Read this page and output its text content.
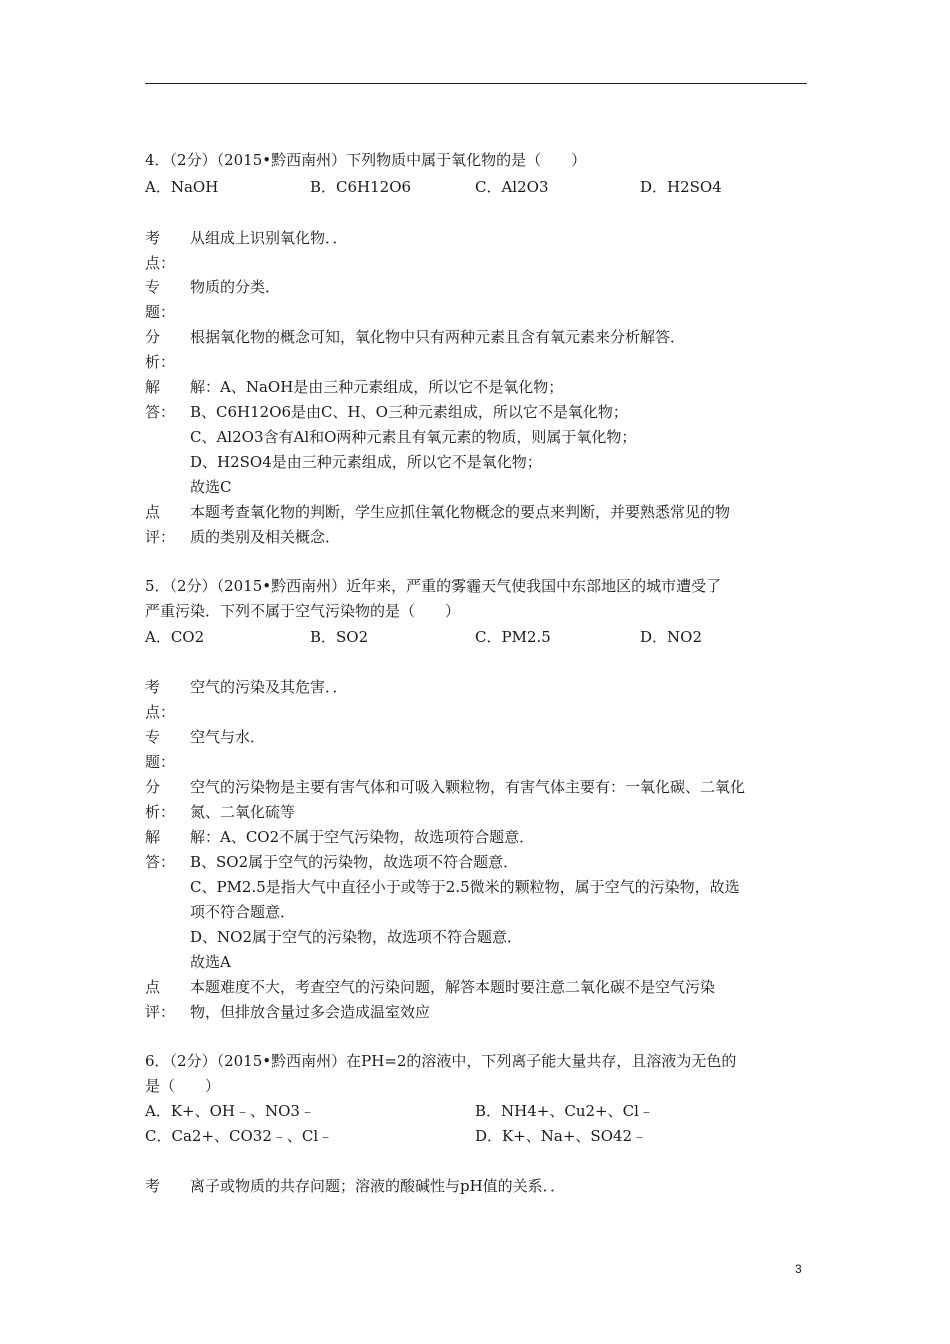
4．（2分）（2015•黔西南州）下列物质中属于氧化物的是（　　）
A．NaOH	B．C6H12O6	C．Al2O3	D．H2SO4
考	从组成上识别氧化物．．
点：
专	物质的分类．
题：
分	根据氧化物的概念可知，氧化物中只有两种元素且含有氧元素来分析解答．
析：
解	解：A、NaOH是由三种元素组成，所以它不是氧化物；
答： B、C6H12O6是由C、H、O三种元素组成，所以它不是氧化物；
C、Al2O3含有Al和O两种元素且有氧元素的物质，则属于氧化物；
D、H2SO4是由三种元素组成，所以它不是氧化物；
故选C
点	本题考查氧化物的判断，学生应抓住氧化物概念的要点来判断，并要熟悉常见的物
评： 质的类别及相关概念．
5．（2分）（2015•黔西南州）近年来，严重的雾霾天气使我国中东部地区的城市遭受了
严重污染．下列不属于空气污染物的是（　　）
A．CO2	B．SO2	C．PM2.5	D．NO2
考	空气的污染及其危害．．
点：
专	空气与水．
题：
分	空气的污染物是主要有害气体和可吸入颗粒物，有害气体主要有：一氧化碳、二氧化
析： 氮、二氧化硫等
解	解：A、CO2不属于空气污染物，故选项符合题意．
答： B、SO2属于空气的污染物，故选项不符合题意．
C、PM2.5是指大气中直径小于或等于2.5微米的颗粒物，属于空气的污染物，故选
项不符合题意．
D、NO2属于空气的污染物，故选项不符合题意．
故选A
点	本题难度不大，考查空气的污染问题，解答本题时要注意二氧化碳不是空气污染
评： 物，但排放含量过多会造成温室效应
6．（2分）（2015•黔西南州）在PH=2的溶液中，下列离子能大量共存，且溶液为无色的
是（　　）
A．K+、OH﹣、NO3﹣	B．NH4+、Cu2+、Cl﹣
C．Ca2+、CO32﹣、Cl﹣	D．K+、Na+、SO42﹣
考	离子或物质的共存问题；溶液的酸碱性与pH值的关系．．
3
